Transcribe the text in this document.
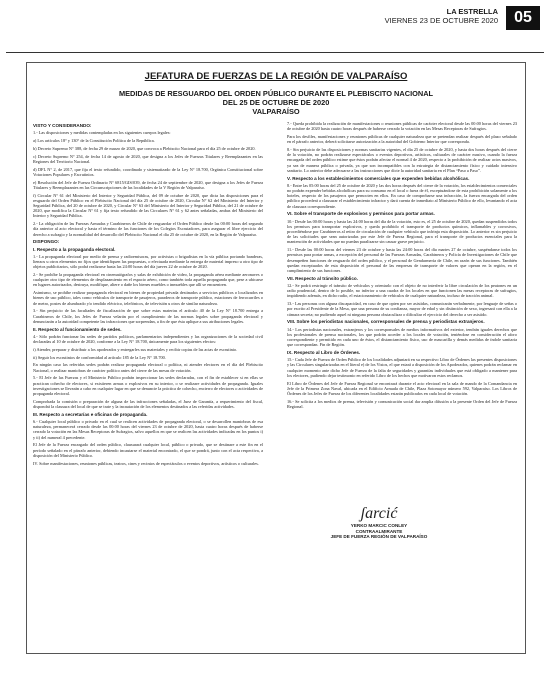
LA ESTRELLA
VIERNES 23 DE OCTUBRE 2020	05
JEFATURA DE FUERZAS DE LA REGIÓN DE VALPARAÍSO
MEDIDAS DE RESGUARDO DEL ORDEN PÚBLICO DURANTE EL PLEBISCITO NACIONAL
DEL 25 DE OCTUBRE DE 2020
VALPARAÍSO
VISTO Y CONSIDERANDO:

1.- Las disposiciones y medidas contempladas en los siguientes cuerpos legales:

a) Los artículos 18° y 130° de la Constitución Política de la República.

b) Decreto Supremo N° 388, de fecha 29 de marzo de 2020, que convoca a Plebiscito Nacional para el día 25 de octubre de 2020.

c) Decreto Supremo N° 254, de fecha 14 de agosto de 2020, que designa a los Jefes de Fuerzas Titulares y Reemplazantes en las Regiones del Territorio Nacional.

d) DFL N° 2, de 2017, que fija el texto refundido, coordinado y sistematizado de la Ley N° 18.700, Orgánica Constitucional sobre Votaciones Populares y Escrutinios.

e) Resolución del Jefe de Fuerza Ordinario N° 6815/GIS/039, de fecha 24 de septiembre de 2020, que designa a los Jefes de Fuerza Titulares y Reemplazantes en las Circunscripciones de las localidades de la V Región de Valparaíso.

f) Circular N° 61 del Ministerio del Interior y Seguridad Pública, del 09 de octubre de 2020, que dicta las disposiciones para el resguardo del Orden Público en el Plebiscito Nacional del día 25 de octubre de 2020, Circular N° 62 del Ministerio del Interior y Seguridad Pública, del 20 de octubre de 2020, y Circular N° 63 del Ministerio del Interior y Seguridad Pública, del 21 de octubre de 2020, que modifica la Circular N° 61 y fija texto refundido de las Circulares N° 61 y 62 antes señaladas, ambas del Ministerio del Interior y Seguridad Pública.

2.- La obligación de las Fuerzas Armadas y Carabineros de Chile de resguardar el Orden Público desde las 00:00 horas del segundo día anterior al acto electoral y hasta el término de las funciones de los Colegios Escrutadores, para asegurar el libre ejercicio del derecho a sufragio y la normalidad del desarrollo del Plebiscito Nacional el día 25 de octubre de 2020, en la Región de Valparaíso.

DISPONGO:
I. Respecto a la propaganda electoral.

1.- La propaganda electoral por medio de prensa y radioemisoras, por activistas o brigadistas en la vía pública portando banderas, lienzos u otros elementos no fijos que identifiquen las propuestas, o efectuada mediante la entrega de material impreso u otro tipo de objetos publicitarios, sólo podrá realizarse hasta las 24:00 horas del día jueves 22 de octubre de 2020.

2.- Se prohíbe la propaganda electoral en cinematógrafos y salas de exhibición de video, la propaganda aérea mediante aeronaves o cualquier otro tipo de elementos de desplazamiento en el espacio aéreo, como también toda aquella propaganda que, pese a ubicarse en lugares autorizados, destruya, modifique, altere o dañe los bienes muebles o inmuebles que allí se encuentren.

Asimismo, se prohíbe realizar propaganda electoral en bienes de propiedad privada destinados a servicios públicos o localizados en bienes de uso público, tales como vehículos de transporte de pasajeros, paraderos de transporte público, estaciones de ferrocarriles o de metro, postes de alumbrado y/o tendido eléctrico, telefónicos, de televisión u otros de similar naturaleza.

3.- Sin perjuicio de las facultades de fiscalización de que sobre estas materias el artículo 40 de la Ley N° 18.700 entrega a Carabineros de Chile, los Jefes de Fuerza velarán por el cumplimiento de las normas legales sobre propaganda electoral y denunciarán a la autoridad competente las infracciones que sorprendan, a fin de que ésta aplique a sus atribuciones legales.

II. Respecto al funcionamiento de sedes.

4.- Sólo podrán funcionar las sedes de partidos políticos, parlamentarios independientes y las organizaciones de la sociedad civil declaradas al 10 de octubre de 2020, conforme a la Ley N° 18.700, únicamente para los siguientes efectos:

i) Atender, preparar y distribuir a los apoderados y entregarles sus materiales y recibir copias de las actas de escrutinio.

ii) Seguir los escrutinios de conformidad al artículo 185 de la Ley N° 18.700.

En ningún caso las referidas sedes podrán realizar propaganda electoral o política, ni atender electores en el día del Plebiscito Nacional, o realizar maniobras de carácter político antes del cierre de las mesas de votación.

5.- El Jefe de las Fuerzas y el Ministerio Público podrán inspeccionar las sedes declaradas, con el fin de establecer si en ellas se practican cohecho de electores, si existieren armas o explosivos en su interior, o se realizare actividades de propaganda. Iguales investigaciones se llevarán a cabo en cualquier lugar en que se denuncie la práctica de cohecho, encierro de electores o actividades de propaganda electoral.

Comprobada la comisión o preparación de alguna de las infracciones señaladas, el Juez de Garantía, a requerimiento del fiscal, dispondrá la clausura del local de que se trate y la incautación de los elementos destinados a las referidas actividades.

III. Respecto a secretarías e oficinas de propaganda.

6.- Cualquier local público o privado en el cual se realicen actividades de propaganda electoral, o se desarrollen maniobras de esa naturaleza, permanecerá cerrado desde las 00:00 horas del viernes 23 de octubre de 2020, hasta cuatro horas después de haberse cerrado la votación en las Mesas Receptoras de Sufragios, salvo aquellos en que se realicen las actividades indicadas en los puntos i) y ii) del numeral 4 precedente.

El Jefe de la Fuerza encargado del orden público, clausurará cualquier local, público o privado, que se destinare a este fin en el período señalado en el párrafo anterior, debiendo incautarse el material encontrado, el que se pondrá, junto con el acta respectiva, a disposición del Ministerio Público.

IV. Sobre manifestaciones, reuniones públicas, teatros, cines y recintos de espectáculos o eventos deportivos, artísticos o culturales.

7.- Queda prohibida la realización de manifestaciones o reuniones públicas de carácter electoral desde las 00:00 horas del viernes 23 de octubre de 2020 hasta cuatro horas después de haberse cerrado la votación en las Mesas Receptoras de Sufragios.

Para los desfiles, manifestaciones y reuniones públicas de cualquier naturaleza que se pretendan realizar después del plazo señalado en el párrafo anterior, deberá solicitarse autorización a la autoridad del Gobierno Interior que corresponda.

8.- Sin perjuicio de las disposiciones y normas sanitarias vigentes, el día 25 de octubre de 2020, y hasta dos horas después del cierre de la votación, no podrán realizarse espectáculos o eventos deportivos, artísticos, culturales de carácter masivo, cuando la fuerza encargada del orden público estime que éstos podrán afectar el normal 4 de 2020, respecto a la prohibición de realizar actos masivos, ya sea de manera pública o privada, ya que son incompatibles con la estrategia de distanciamiento físico y cuidado intensivo sanitario. Lo anterior debe adecuarse a las instrucciones que dicte la autoridad sanitaria en el Plan “Paso a Paso”.

V. Respecto a los establecimientos comerciales que expenden bebidas alcohólicas.

8.- Entre las 05:00 horas del 25 de octubre de 2020 y las dos horas después del cierre de la votación, los establecimientos comerciales no podrán expender bebidas alcohólicas para su consumo en el local o fuera de él, exceptuándose de esta prohibición solamente a los hoteles, respecto de los pasajeros que pernocten en ellos. En caso de comprobarse una infracción, la fuerza encargada del orden público procederá a clausurar el establecimiento infractor y dará cuenta de inmediato al Ministerio Público de ello, levantando el acta de clausura correspondiente.

VI. Sobre el transporte de explosivos y permisos para portar armas.

10.- Desde las 00:00 horas y hasta las 24:00 horas del día de la votación, esto es, el 25 de octubre de 2020, quedan suspendidos todos los permisos para transportar explosivos, y queda prohibido el transporte de productos químicos, inflamables y corrosivos, procediéndose por Carabineros al retiro de circulación de cualquier vehículo que infrinja esta disposición. Lo anterior es sin perjuicio de las solicitudes que sean autorizadas por este Jefe de Fuerza Regional, para el transporte de productos esenciales para la mantención de actividades que no puedan paralizarse sin causar grave perjuicio.

11.- Desde las 00:00 horas del viernes 23 de octubre y hasta las 24:00 horas del día martes 27 de octubre, suspéndanse todos los permisos para portar armas, a excepción del personal de las Fuerzas Armadas, Carabineros y Policía de Investigaciones de Chile que desempeñen funciones de resguardo del orden público, y el personal de Gendarmería de Chile, en razón de sus funciones. También quedan exceptuados de esta disposición el personal de las empresas de transporte de valores que operan en la región, en el cumplimiento de sus funciones.

VII. Respecto al tránsito público.

12.- Se podrá restringir el tránsito de vehículos y orientarlo con el objeto de no interferir la libre circulación de los peatones en un radio prudencial, dentro de lo posible, no inferior a una cuadra de los locales en que funcionen las mesas receptoras de sufragios, impidiendo además, en dicho radio, el estacionamiento de vehículos de cualquier naturaleza, incluso de tracción animal.

13.- Las personas con alguna discapacidad, en caso de que opten por ser asistidas, comunicarán verbalmente, por lenguaje de señas o por escrito al Presidente de la Mesa, que una persona de su confianza, mayor de edad y sin distinción de sexo, ingresará con ella a la cámara secreta; no pudiendo aquel ni ninguna persona obstaculizar o dificultar el ejercicio del derecho a ser asistido.

VIII. Sobre los periodistas nacionales, corresponsales de prensa y periodistas extranjeros.

14.- Los periodistas nacionales, extranjeros y los corresponsales de medios informativos del exterior, tendrán iguales derechos que los profesionales de prensa nacionales, los que podrán acceder a los locales de votación, teniéndose en consideración el aforo correspondiente y permitido en cada uno de éstos, el distanciamiento físico, uso de mascarilla y demás medidas de índole sanitaria que correspondan. Fin de Región.

IX. Respecto al Libro de Órdenes.

15.- Cada Jefe de Fuerza de Orden Público de los localidades adjuntará en su respectivo Libro de Órdenes las presentes disposiciones y las Circulares singularizadas en el literal e) de los Vistos, el que estará a disposición de los Apoderados, quienes podrán reclamar en cualquier momento ante dicho Jefe de Fuerza de la falta de seguridades y garantías individuales que está obligado a mantener para los electores, pudiendo dejar testimonio en referido Libro de los hechos que motivaron estos reclamos.

El Libro de Órdenes del Jefe de Fuerza Regional se encontrará durante el acto electoral en la sala de mando de la Comandancia en Jefe de la Primera Zona Naval, ubicada en el Edificio Armada de Chile, Plaza Sotomayor número 592, Valparaíso. Los Libros de Órdenes de los Jefes de Fuerza de los diferentes localidades estarán publicados en cada local de votación.

16.- Se solicita a los medios de prensa, televisión y comunicación social dar amplia difusión a la presente Orden del Jefe de Fuerza Regional.

ʃarcić
YERKO MARCIC CONLEY
CONTRAALMIRANTE
JEFE DE FUERZA REGIÓN DE VALPARAÍSO
